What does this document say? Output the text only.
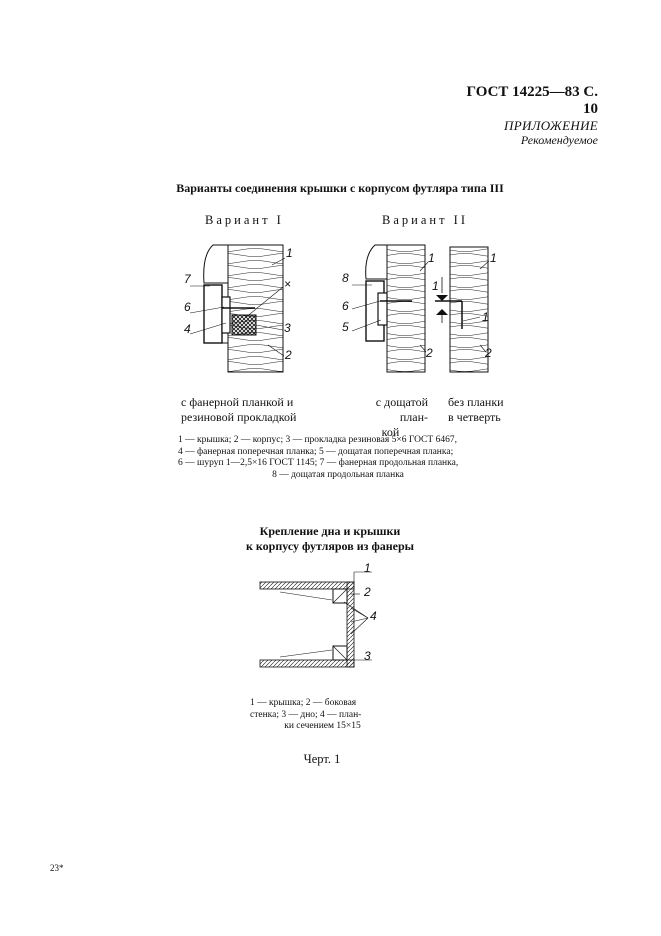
ГОСТ 14225—83 С. 10
ПРИЛОЖЕНИЕ
Рекомендуемое
Варианты соединения крышки с корпусом футляра типа III
Вариант I	Вариант II
7
6
4
1
×
3
2
8
6
5
1
2
1
1
1
2
с фанерной планкой и
резиновой прокладкой
с дощатой план-
кой
без планки
в четверть
1 — крышка; 2 — корпус; 3 — прокладка резиновая 5×6 ГОСТ 6467,
4 — фанерная поперечная планка; 5 — дощатая поперечная планка;
6 — шуруп 1—2,5×16 ГОСТ 1145; 7 — фанерная продольная планка,
8 — дощатая продольная планка
Крепление дна и крышки
к корпусу футляров из фанеры
1
2
4
3
1 — крышка; 2 — боковая
стенка; 3 — дно; 4 — план-
ки сечением 15×15
Черт. 1
23*
